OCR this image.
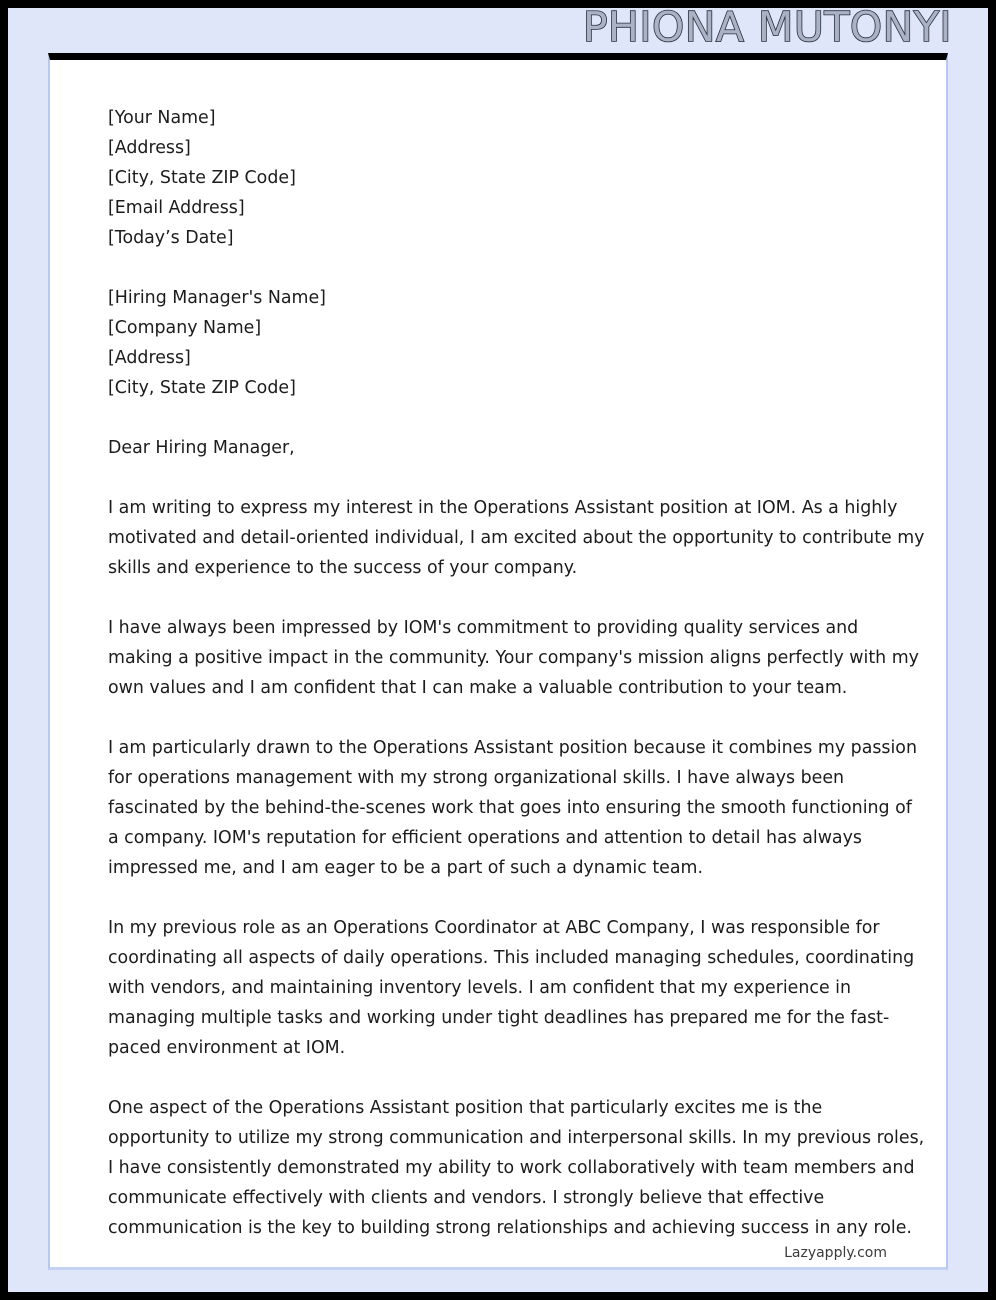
PHIONA MUTONYI
[Your Name]
[Address]
[City, State ZIP Code]
[Email Address]
[Today’s Date]
[Hiring Manager's Name]
[Company Name]
[Address]
[City, State ZIP Code]
Dear Hiring Manager,

I am writing to express my interest in the Operations Assistant position at IOM. As a highly motivated and detail-oriented individual, I am excited about the opportunity to contribute my skills and experience to the success of your company.

I have always been impressed by IOM's commitment to providing quality services and making a positive impact in the community. Your company's mission aligns perfectly with my own values and I am confident that I can make a valuable contribution to your team.

I am particularly drawn to the Operations Assistant position because it combines my passion for operations management with my strong organizational skills. I have always been fascinated by the behind-the-scenes work that goes into ensuring the smooth functioning of a company. IOM's reputation for efficient operations and attention to detail has always impressed me, and I am eager to be a part of such a dynamic team.

In my previous role as an Operations Coordinator at ABC Company, I was responsible for coordinating all aspects of daily operations. This included managing schedules, coordinating with vendors, and maintaining inventory levels. I am confident that my experience in managing multiple tasks and working under tight deadlines has prepared me for the fast-paced environment at IOM.

One aspect of the Operations Assistant position that particularly excites me is the opportunity to utilize my strong communication and interpersonal skills. In my previous roles, I have consistently demonstrated my ability to work collaboratively with team members and communicate effectively with clients and vendors. I strongly believe that effective communication is the key to building strong relationships and achieving success in any role.

Lazyapply.com
